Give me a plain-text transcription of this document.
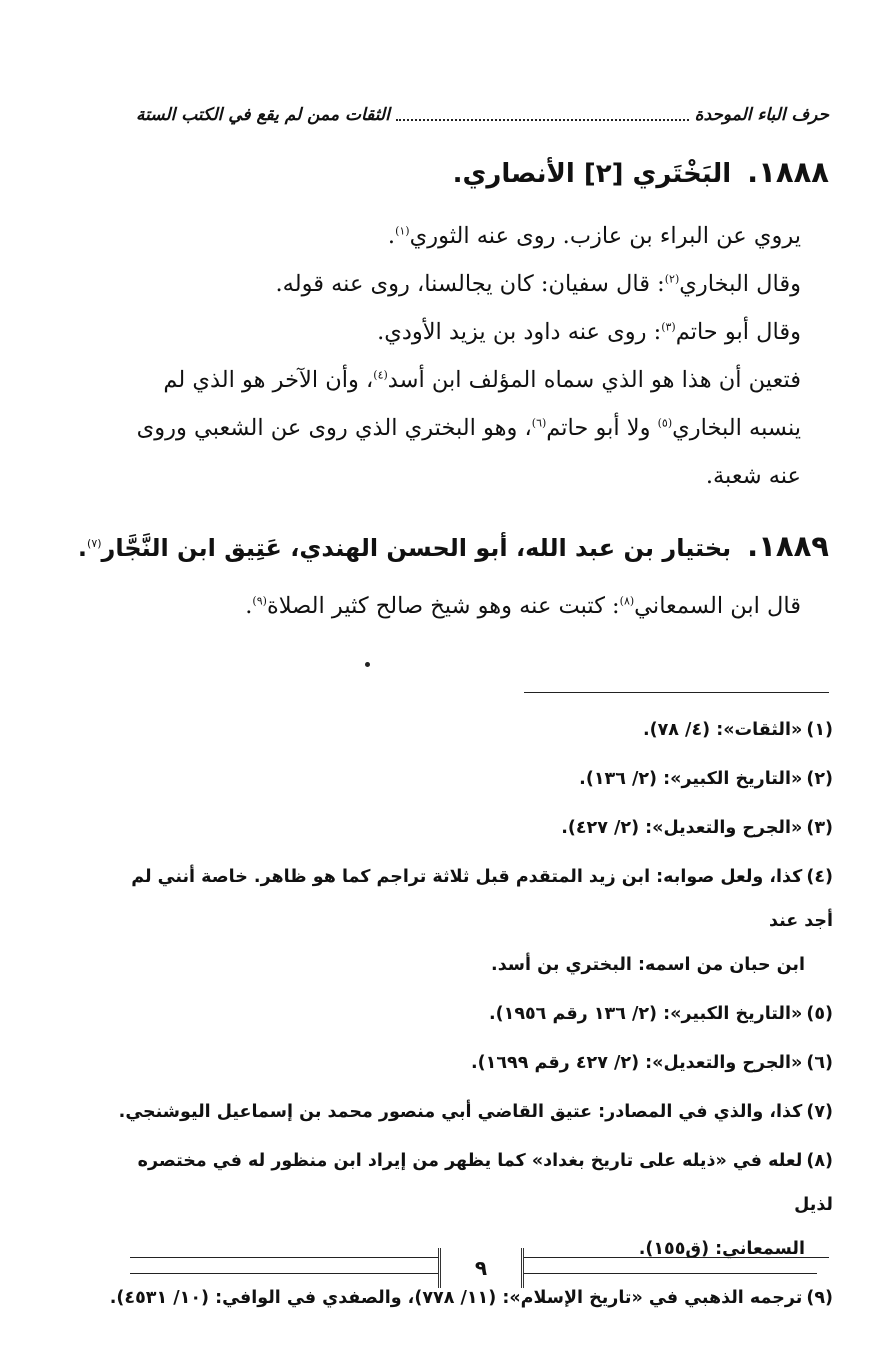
حرف الباء الموحدة
الثقات ممن لم يقع في الكتب الستة
١٨٨٨.البَخْتَري [٢] الأنصاري.
يروي عن البراء بن عازب. روى عنه الثوري$^{(١)}$.
وقال البخاري$^{(٢)}$: قال سفيان: كان يجالسنا، روى عنه قوله.
وقال أبو حاتم$^{(٣)}$: روى عنه داود بن يزيد الأودي.
فتعين أن هذا هو الذي سماه المؤلف ابن أسد$^{(٤)}$، وأن الآخر هو الذي لم ينسبه البخاري$^{(٥)}$ ولا أبو حاتم$^{(٦)}$، وهو البختري الذي روى عن الشعبي وروى عنه شعبة.
١٨٨٩.بختيار بن عبد الله، أبو الحسن الهندي، عَتِيق ابن النَّجَّار$^{(٧)}$.
قال ابن السمعاني$^{(٨)}$: كتبت عنه وهو شيخ صالح كثير الصلاة$^{(٩)}$.
(١)«الثقات»: (٤/ ٧٨).
(٢)«التاريخ الكبير»: (٢/ ١٣٦).
(٣)«الجرح والتعديل»: (٢/ ٤٢٧).
(٤)كذا، ولعل صوابه: ابن زيد المتقدم قبل ثلاثة تراجم كما هو ظاهر. خاصة أنني لم أجد عند
ابن حبان من اسمه: البختري بن أسد.
(٥)«التاريخ الكبير»: (٢/ ١٣٦ رقم ١٩٥٦).
(٦)«الجرح والتعديل»: (٢/ ٤٢٧ رقم ١٦٩٩).
(٧)كذا، والذي في المصادر: عتيق القاضي أبي منصور محمد بن إسماعيل اليوشنجي.
(٨)لعله في «ذيله على تاريخ بغداد» كما يظهر من إيراد ابن منظور له في مختصره لذيل
السمعاني: (ق١٥٥).
(٩)ترجمه الذهبي في «تاريخ الإسلام»: (١١/ ٧٧٨)، والصفدي في الوافي: (١٠/ ٤٥٣١).
٩
